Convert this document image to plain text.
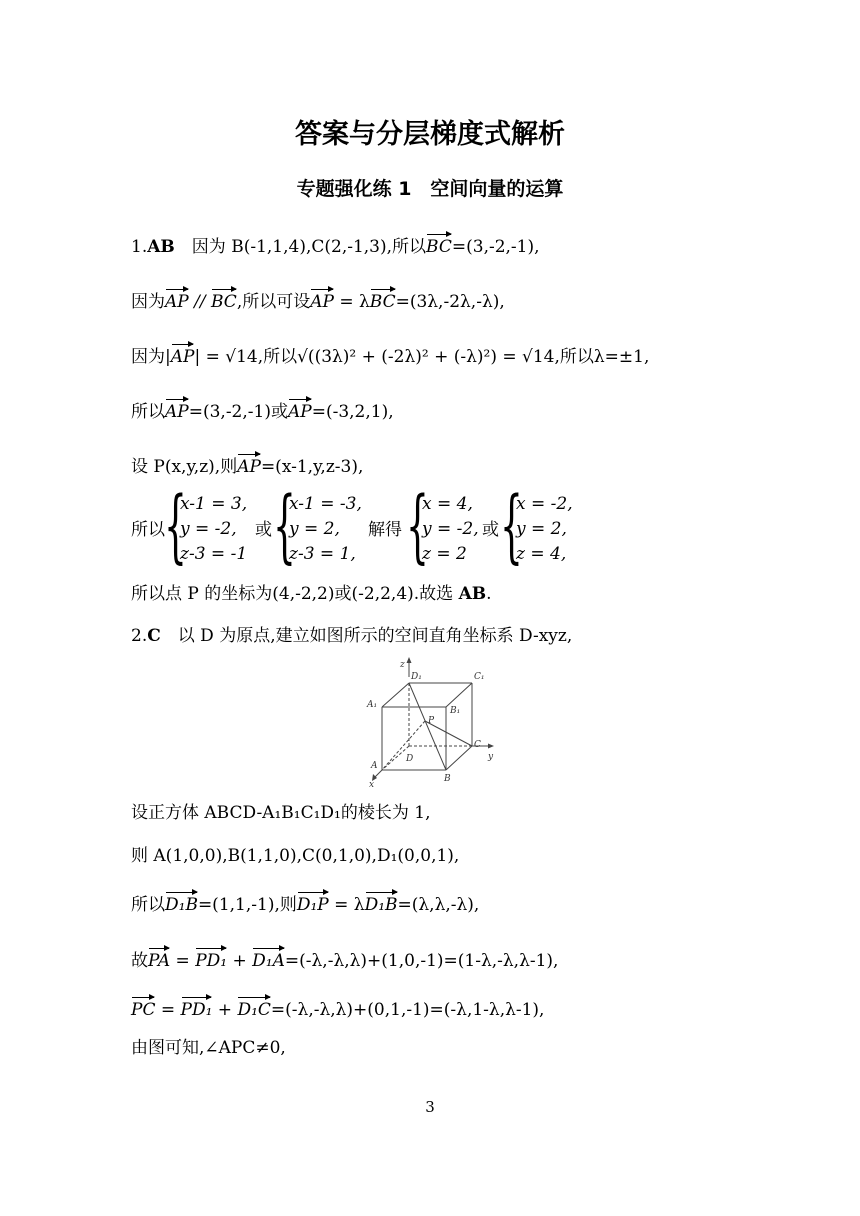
答案与分层梯度式解析
专题强化练 1　空间向量的运算
1.AB　因为 B(-1,1,4),C(2,-1,3),所以BC=(3,-2,-1),
因为AP // BC,所以可设AP = λBC=(3λ,-2λ,-λ),
因为|AP| = √14,所以√((3λ)² + (-2λ)² + (-λ)²) = √14,所以λ=±1,
所以AP=(3,-2,-1)或AP=(-3,2,1),
设 P(x,y,z),则AP=(x-1,y,z-3),
所以 {
x-1 = 3,
y = -2,
z-3 = -1
或 {
x-1 = -3,
y = 2,
z-3 = 1,
解得 {
x = 4,
y = -2,
z = 2
或 {
x = -2,
y = 2,
z = 4,
所以点 P 的坐标为(4,-2,2)或(-2,2,4).故选 AB.
2.C　以 D 为原点,建立如图所示的空间直角坐标系 D-xyz,
z
D₁	C₁
A₁
B₁
P
C
y
A
D
B
x
设正方体 ABCD-A₁B₁C₁D₁的棱长为 1,
则 A(1,0,0),B(1,1,0),C(0,1,0),D₁(0,0,1),
所以D₁B=(1,1,-1),则D₁P = λD₁B=(λ,λ,-λ),
故PA = PD₁ + D₁A=(-λ,-λ,λ)+(1,0,-1)=(1-λ,-λ,λ-1),
PC = PD₁ + D₁C=(-λ,-λ,λ)+(0,1,-1)=(-λ,1-λ,λ-1),
由图可知,∠APC≠0,
3
